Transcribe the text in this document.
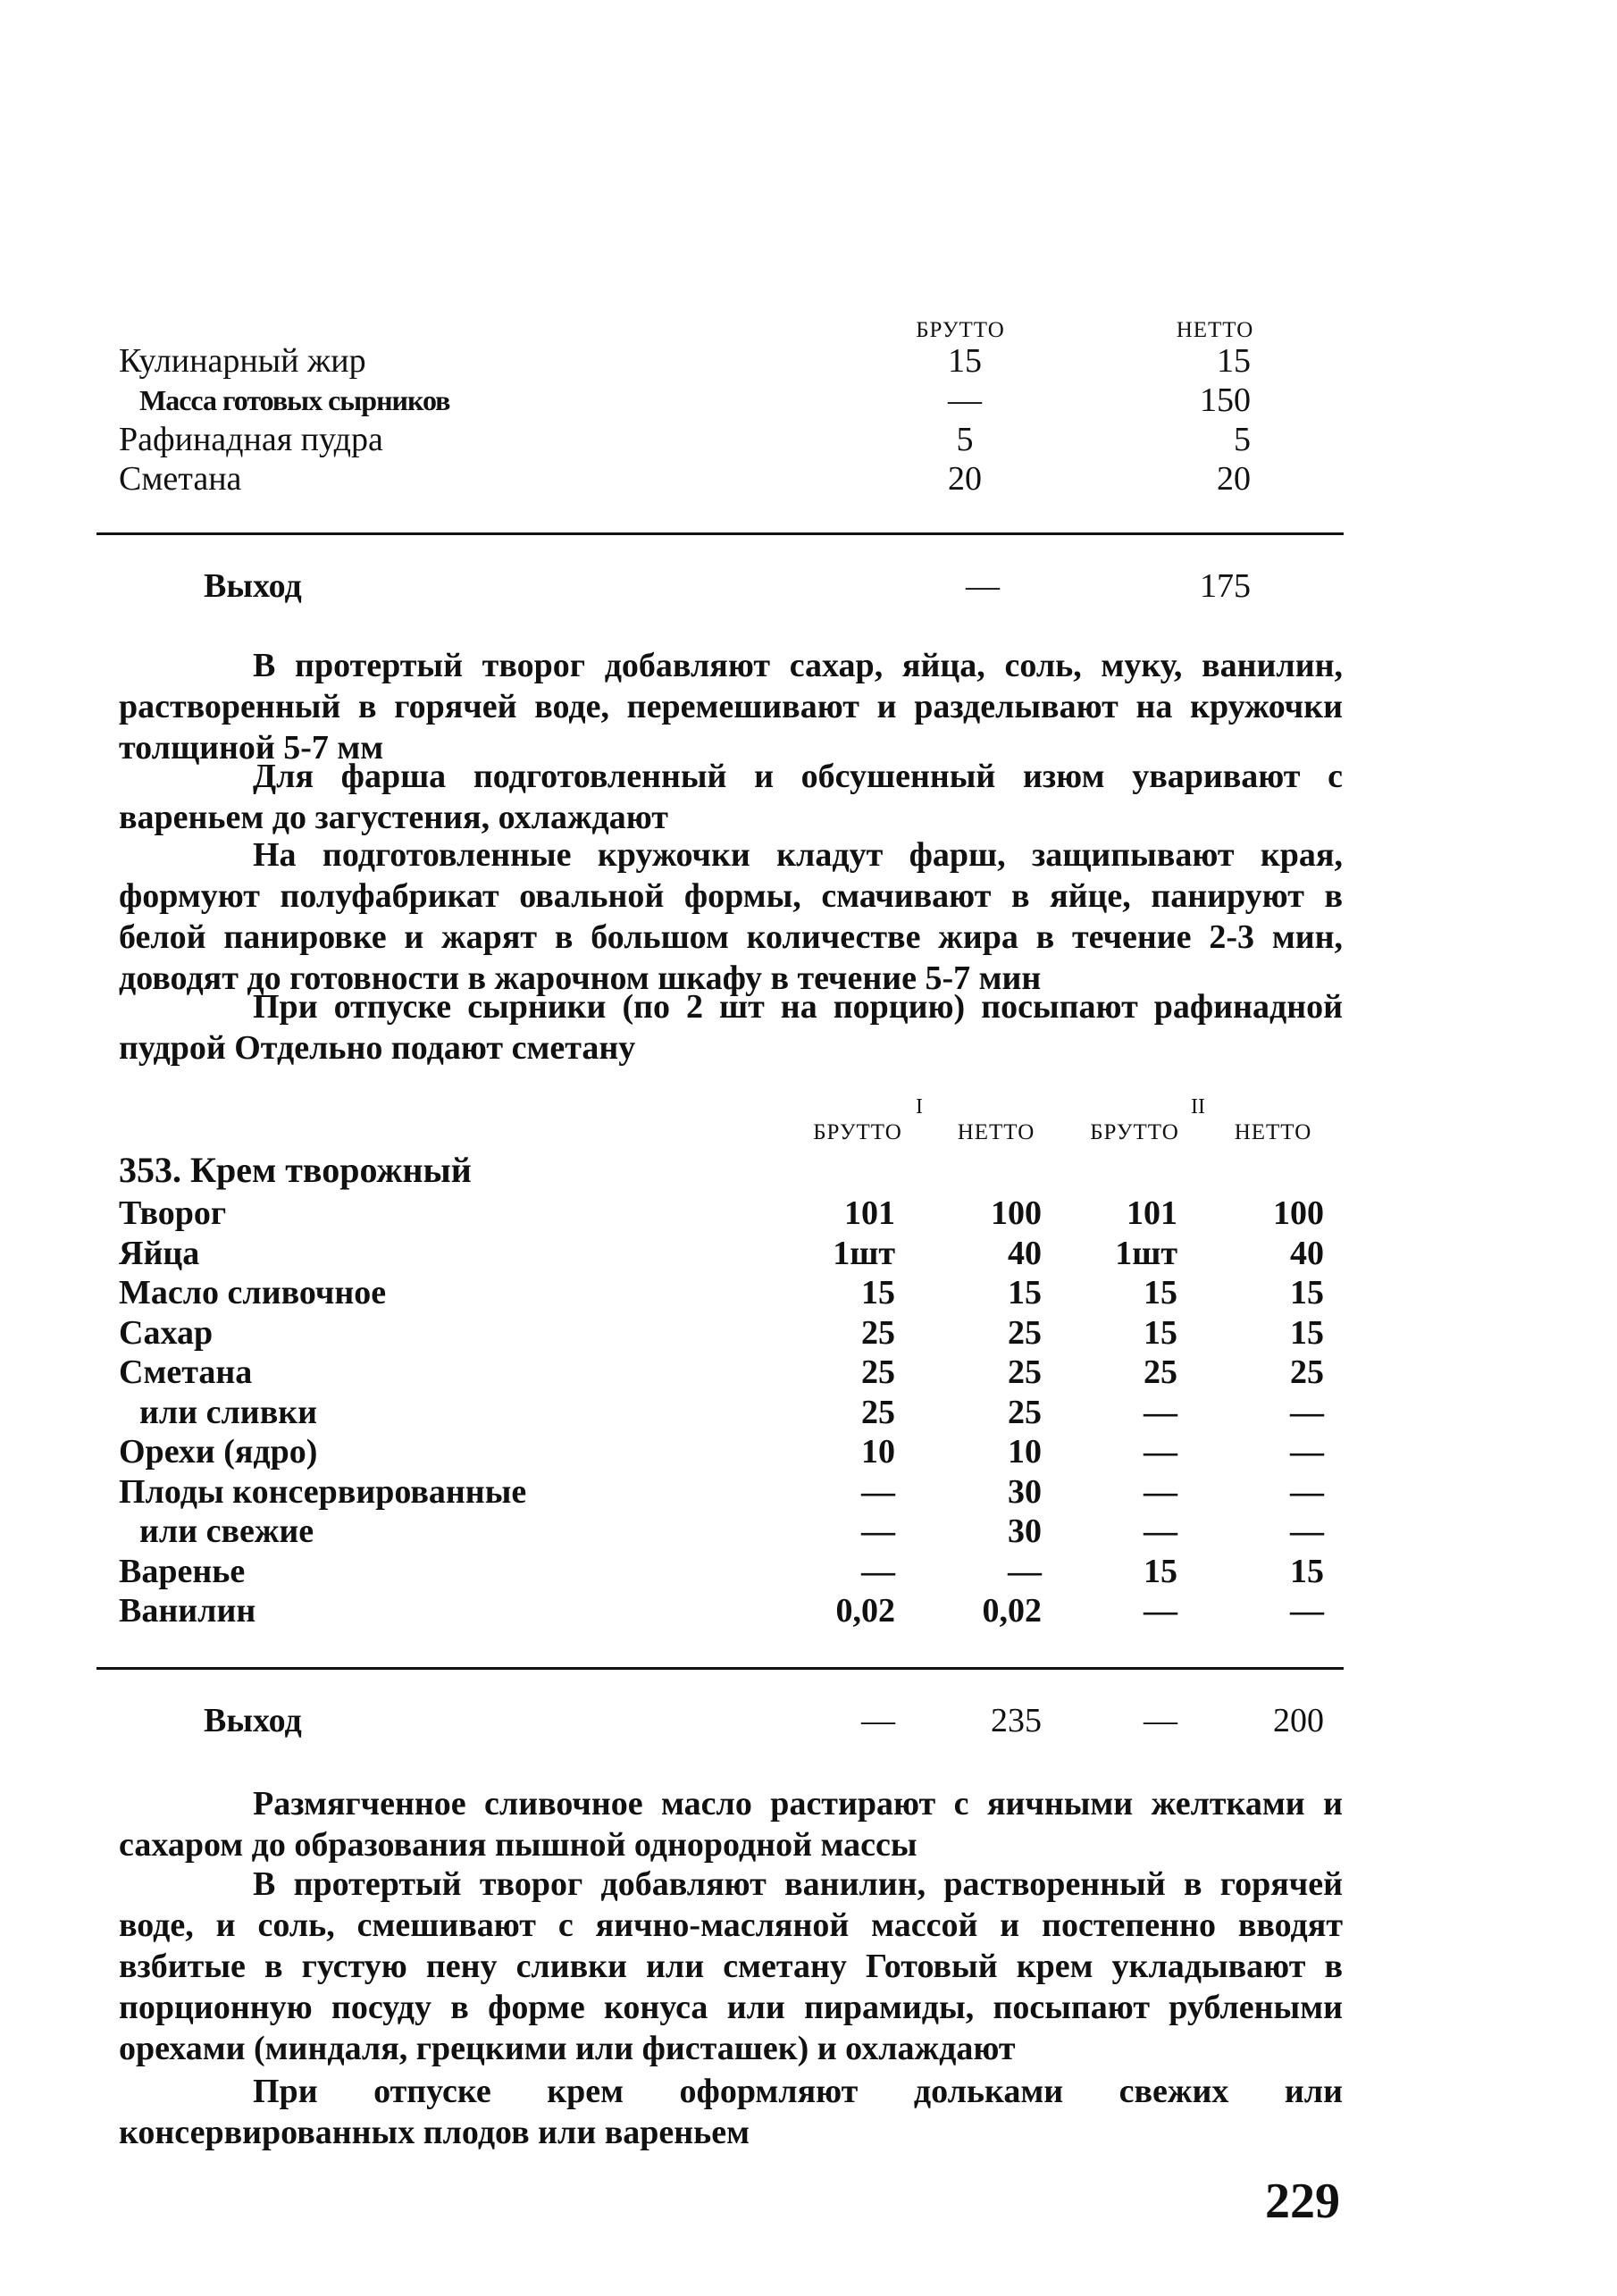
БРУТТО	НЕТТО
Кулинарный жир	15	15
Масса готовых сырников	—	150
Рафинадная пудра	5	5
Сметана	20	20
Выход	—	175
В протертый творог добавляют сахар, яйца, соль, муку, ванилин, растворенный в горячей воде, перемешивают и разделывают на кружочки толщиной 5-7 мм
Для фарша подготовленный и обсушенный изюм уваривают с вареньем до загустения, охлаждают
На подготовленные кружочки кладут фарш, защипывают края, формуют полуфабрикат овальной формы, смачивают в яйце, панируют в белой панировке и жарят в большом количестве жира в течение 2-3 мин, доводят до готовности в жарочном шкафу в течение 5-7 мин
При отпуске сырники (по 2 шт на порцию) посыпают рафинадной пудрой Отдельно подают сметану
I	II
БРУТТО	НЕТТО	БРУТТО	НЕТТО
353. Крем творожный
Творог	101	100	101	100
Яйца	1шт	40	1шт	40
Масло сливочное	15	15	15	15
Сахар	25	25	15	15
Сметана	25	25	25	25
или сливки	25	25	—	—
Орехи (ядро)	10	10	—	—
Плоды консервированные	—	30	—	—
или свежие	—	30	—	—
Варенье	—	—	15	15
Ванилин	0,02	0,02	—	—
Выход	—	235	—	200
Размягченное сливочное масло растирают с яичными желтками и сахаром до образования пышной однородной массы
В протертый творог добавляют ванилин, растворенный в горячей воде, и соль, смешивают с яично-масляной массой и постепенно вводят взбитые в густую пену сливки или сметану Готовый крем укладывают в порционную посуду в форме конуса или пирамиды, посыпают рублеными орехами (миндаля, грецкими или фисташек) и охлаждают
При отпуске крем оформляют дольками свежих или консервированных плодов или вареньем
229
